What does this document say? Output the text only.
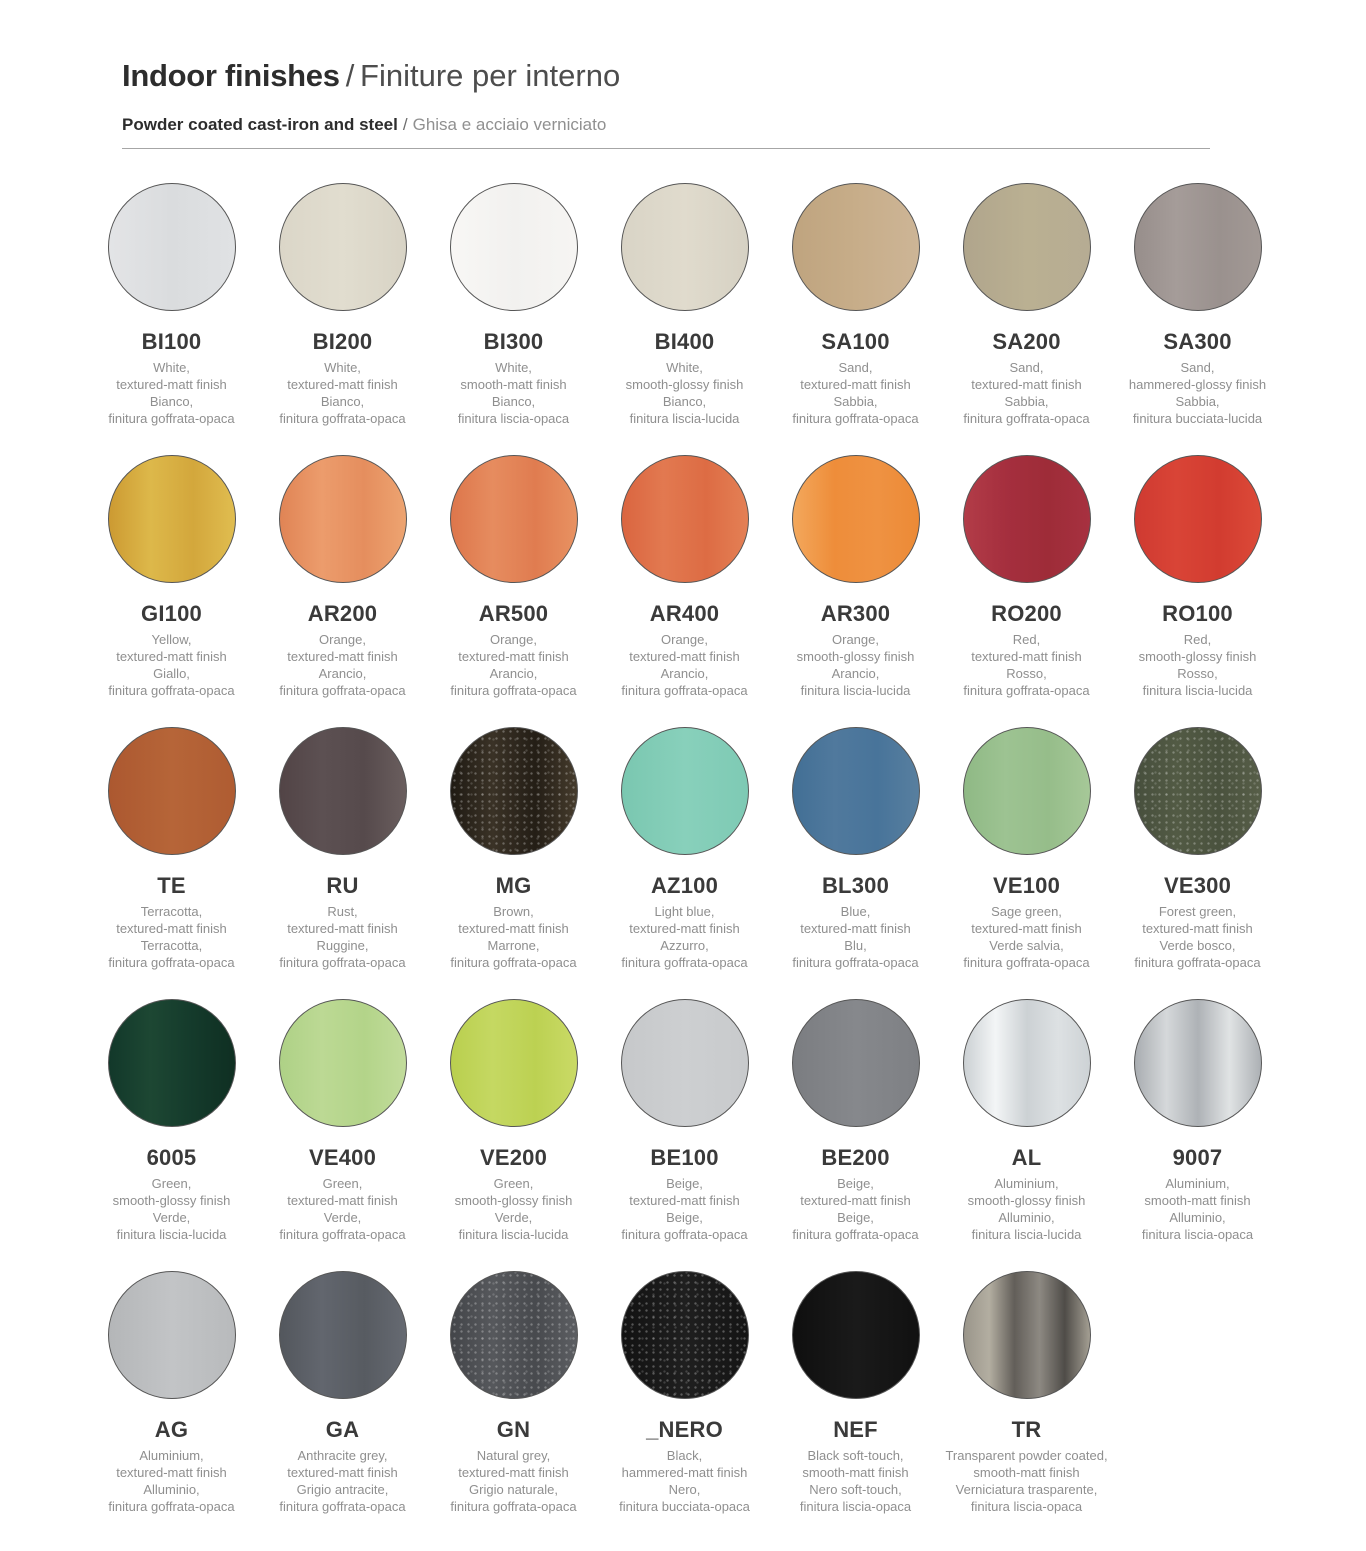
Indoor finishes / Finiture per interno
Powder coated cast-iron and steel / Ghisa e acciaio verniciato
BI100

White,

textured-matt finish

Bianco,

finitura goffrata-opaca

BI200

White,

textured-matt finish

Bianco,

finitura goffrata-opaca

BI300

White,

smooth-matt finish

Bianco,

finitura liscia-opaca

BI400

White,

smooth-glossy finish

Bianco,

finitura liscia-lucida

SA100

Sand,

textured-matt finish

Sabbia,

finitura goffrata-opaca

SA200

Sand,

textured-matt finish

Sabbia,

finitura goffrata-opaca

SA300

Sand,

hammered-glossy finish

Sabbia,

finitura bucciata-lucida

GI100

Yellow,

textured-matt finish

Giallo,

finitura goffrata-opaca

AR200

Orange,

textured-matt finish

Arancio,

finitura goffrata-opaca

AR500

Orange,

textured-matt finish

Arancio,

finitura goffrata-opaca

AR400

Orange,

textured-matt finish

Arancio,

finitura goffrata-opaca

AR300

Orange,

smooth-glossy finish

Arancio,

finitura liscia-lucida

RO200

Red,

textured-matt finish

Rosso,

finitura goffrata-opaca

RO100

Red,

smooth-glossy finish

Rosso,

finitura liscia-lucida

TE

Terracotta,

textured-matt finish

Terracotta,

finitura goffrata-opaca

RU

Rust,

textured-matt finish

Ruggine,

finitura goffrata-opaca

MG

Brown,

textured-matt finish

Marrone,

finitura goffrata-opaca

AZ100

Light blue,

textured-matt finish

Azzurro,

finitura goffrata-opaca

BL300

Blue,

textured-matt finish

Blu,

finitura goffrata-opaca

VE100

Sage green,

textured-matt finish

Verde salvia,

finitura goffrata-opaca

VE300

Forest green,

textured-matt finish

Verde bosco,

finitura goffrata-opaca

6005

Green,

smooth-glossy finish

Verde,

finitura liscia-lucida

VE400

Green,

textured-matt finish

Verde,

finitura goffrata-opaca

VE200

Green,

smooth-glossy finish

Verde,

finitura liscia-lucida

BE100

Beige,

textured-matt finish

Beige,

finitura goffrata-opaca

BE200

Beige,

textured-matt finish

Beige,

finitura goffrata-opaca

AL

Aluminium,

smooth-glossy finish

Alluminio,

finitura liscia-lucida

9007

Aluminium,

smooth-matt finish

Alluminio,

finitura liscia-opaca

AG

Aluminium,

textured-matt finish

Alluminio,

finitura goffrata-opaca

GA

Anthracite grey,

textured-matt finish

Grigio antracite,

finitura goffrata-opaca

GN

Natural grey,

textured-matt finish

Grigio naturale,

finitura goffrata-opaca

_NERO

Black,

hammered-matt finish

Nero,

finitura bucciata-opaca

NEF

Black soft-touch,

smooth-matt finish

Nero soft-touch,

finitura liscia-opaca

TR

Transparent powder coated,

smooth-matt finish

Verniciatura trasparente,

finitura liscia-opaca
